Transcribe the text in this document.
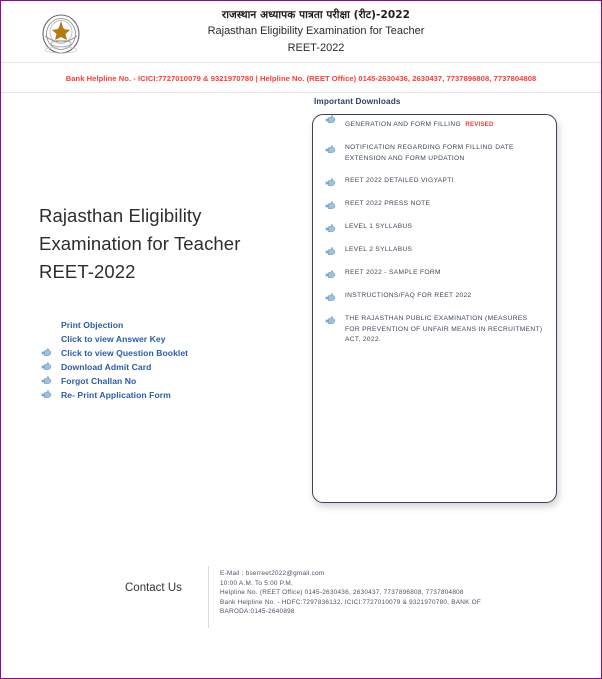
राजस्थान अध्यापक पात्रता परीक्षा (रीट)-2022
Rajasthan Eligibility Examination for Teacher
REET-2022
Bank Helpline No. - ICICI:7727010079 & 9321970780 | Helpline No. (REET Office) 0145-2630436, 2630437, 7737896808, 7737804808
Rajasthan Eligibility Examination for Teacher REET-2022
Print Objection
Click to view Answer Key
Click to view Question Booklet
Download Admit Card
Forgot Challan No
Re- Print Application Form
Important Downloads
GENERATION AND FORM FILLING REVISED
NOTIFICATION REGARDING FORM FILLING DATE EXTENSION AND FORM UPDATION
REET 2022 DETAILED VIGYAPTI
REET 2022 PRESS NOTE
LEVEL 1 SYLLABUS
LEVEL 2 SYLLABUS
REET 2022 - SAMPLE FORM
INSTRUCTIONS/FAQ FOR REET 2022
THE RAJASTHAN PUBLIC EXAMINATION (MEASURES FOR PREVENTION OF UNFAIR MEANS IN RECRUITMENT) ACT, 2022.
Contact Us
E-Mail : bserreet2022@gmail.com
10:00 A.M. To 5:00 P.M.
Helpline No. (REET Office) 0145-2630436, 2630437, 7737896808, 7737804808
Bank Helpline No. - HDFC:7297836132, ICICI:7727010079 & 9321970780, BANK OF BARODA:0145-2640898
